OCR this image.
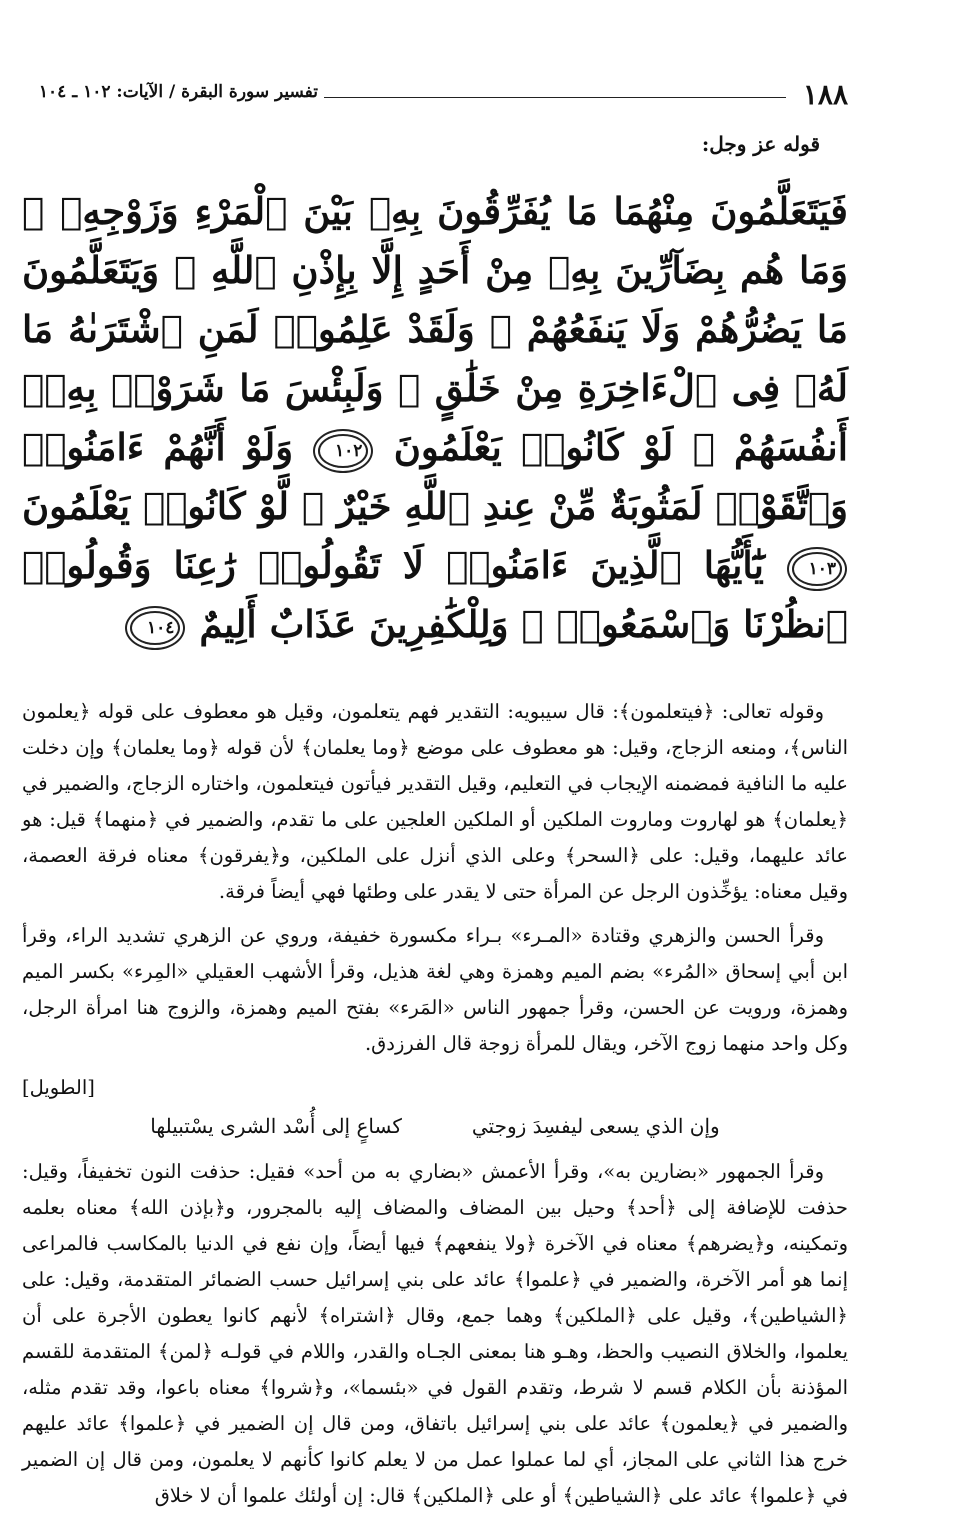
١٨٨
تفسير سورة البقرة / الآيات: ١٠٢ ـ ١٠٤
قوله عز وجل:
فَيَتَعَلَّمُونَ مِنْهُمَا مَا يُفَرِّقُونَ بِهِۦ بَيْنَ ٱلْمَرْءِ وَزَوْجِهِۦ ۚ وَمَا هُم بِضَآرِّينَ بِهِۦ مِنْ أَحَدٍ إِلَّا بِإِذْنِ ٱللَّهِ ۚ وَيَتَعَلَّمُونَ مَا يَضُرُّهُمْ وَلَا يَنفَعُهُمْ ۚ وَلَقَدْ عَلِمُوا۟ لَمَنِ ٱشْتَرَىٰهُ مَا لَهُۥ فِى ٱلْءَاخِرَةِ مِنْ خَلَٰقٍ ۚ وَلَبِئْسَ مَا شَرَوْا۟ بِهِۦٓ أَنفُسَهُمْ ۚ لَوْ كَانُوا۟ يَعْلَمُونَ ١٠٢ وَلَوْ أَنَّهُمْ ءَامَنُوا۟ وَٱتَّقَوْا۟ لَمَثُوبَةٌ مِّنْ عِندِ ٱللَّهِ خَيْرٌ ۖ لَّوْ كَانُوا۟ يَعْلَمُونَ ١٠٣ يَٰٓأَيُّهَا ٱلَّذِينَ ءَامَنُوا۟ لَا تَقُولُوا۟ رَٰعِنَا وَقُولُوا۟ ٱنظُرْنَا وَٱسْمَعُوا۟ ۗ وَلِلْكَٰفِرِينَ عَذَابٌ أَلِيمٌ ١٠٤

وقوله تعالى: ﴿فيتعلمون﴾: قال سيبويه: التقدير فهم يتعلمون، وقيل هو معطوف على قوله ﴿يعلمون الناس﴾، ومنعه الزجاج، وقيل: هو معطوف على موضع ﴿وما يعلمان﴾ لأن قوله ﴿وما يعلمان﴾ وإن دخلت عليه ما النافية فمضمنه الإيجاب في التعليم، وقيل التقدير فيأتون فيتعلمون، واختاره الزجاج، والضمير في ﴿يعلمان﴾ هو لهاروت وماروت الملكين أو الملكين العلجين على ما تقدم، والضمير في ﴿منهما﴾ قيل: هو عائد عليهما، وقيل: على ﴿السحر﴾ وعلى الذي أنزل على الملكين، و﴿يفرقون﴾ معناه فرقة العصمة، وقيل معناه: يؤخِّذون الرجل عن المرأة حتى لا يقدر على وطئها فهي أيضاً فرقة.

وقرأ الحسن والزهري وقتادة «المـرء» بـراء مكسورة خفيفة، وروي عن الزهري تشديد الراء، وقرأ ابن أبي إسحاق «المُرء» بضم الميم وهمزة وهي لغة هذيل، وقرأ الأشهب العقيلي «المِرء» بكسر الميم وهمزة، ورويت عن الحسن، وقرأ جمهور الناس «المَرء» بفتح الميم وهمزة، والزوج هنا امرأة الرجل، وكل واحد منهما زوج الآخر، ويقال للمرأة زوجة قال الفرزدق.

[الطويل]
وإن الذي يسعى ليفسِدَ زوجتي
كساعٍ إلى أُسْد الشرى يسْتبيلها

وقرأ الجمهور «بضارين به»، وقرأ الأعمش «بضاري به من أحد» فقيل: حذفت النون تخفيفاً، وقيل: حذفت للإضافة إلى ﴿أحد﴾ وحيل بين المضاف والمضاف إليه بالمجرور، و﴿بإذن الله﴾ معناه بعلمه وتمكينه، و﴿يضرهم﴾ معناه في الآخرة ﴿ولا ينفعهم﴾ فيها أيضاً، وإن نفع في الدنيا بالمكاسب فالمراعى إنما هو أمر الآخرة، والضمير في ﴿علموا﴾ عائد على بني إسرائيل حسب الضمائر المتقدمة، وقيل: على ﴿الشياطين﴾، وقيل على ﴿الملكين﴾ وهما جمع، وقال ﴿اشتراه﴾ لأنهم كانوا يعطون الأجرة على أن يعلموا، والخلاق النصيب والحظ، وهـو هنا بمعنى الجـاه والقدر، واللام في قولـه ﴿لمن﴾ المتقدمة للقسم المؤذنة بأن الكلام قسم لا شرط، وتقدم القول في «بئسما»، و﴿شروا﴾ معناه باعوا، وقد تقدم مثله، والضمير في ﴿يعلمون﴾ عائد على بني إسرائيل باتفاق، ومن قال إن الضمير في ﴿علموا﴾ عائد عليهم خرج هذا الثاني على المجاز، أي لما عملوا عمل من لا يعلم كانوا كأنهم لا يعلمون، ومن قال إن الضمير في ﴿علموا﴾ عائد على ﴿الشياطين﴾ أو على ﴿الملكين﴾ قال: إن أولئك علموا أن لا خلاق
